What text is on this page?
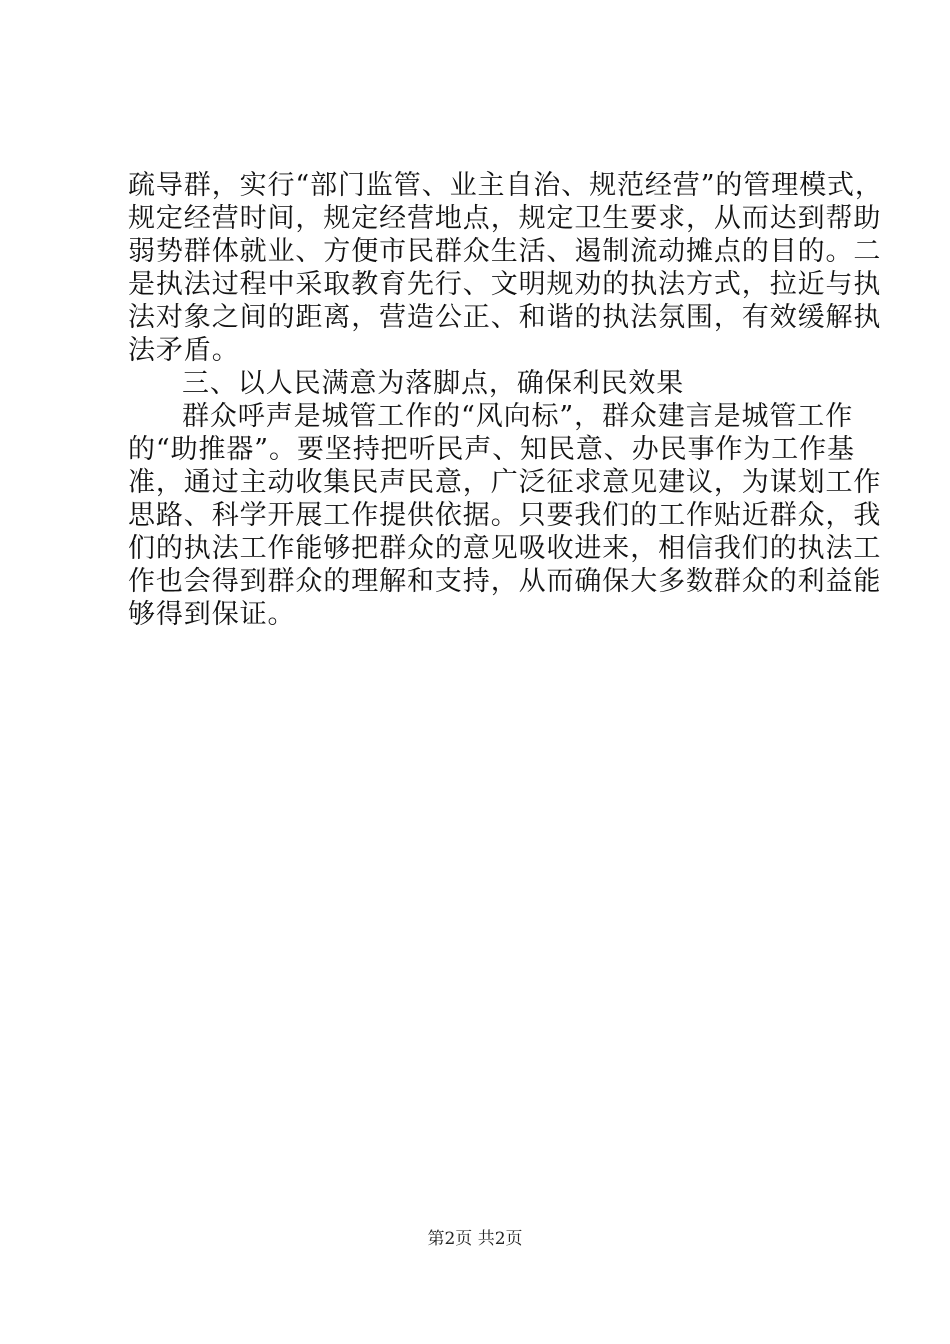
疏导群，实行“部门监管、业主自治、规范经营”的管理模式，
规定经营时间，规定经营地点，规定卫生要求，从而达到帮助
弱势群体就业、方便市民群众生活、遏制流动摊点的目的。二
是执法过程中采取教育先行、文明规劝的执法方式，拉近与执
法对象之间的距离，营造公正、和谐的执法氛围，有效缓解执
法矛盾。
三、以人民满意为落脚点，确保利民效果
群众呼声是城管工作的“风向标”，群众建言是城管工作
的“助推器”。要坚持把听民声、知民意、办民事作为工作基
准，通过主动收集民声民意，广泛征求意见建议，为谋划工作
思路、科学开展工作提供依据。只要我们的工作贴近群众，我
们的执法工作能够把群众的意见吸收进来，相信我们的执法工
作也会得到群众的理解和支持，从而确保大多数群众的利益能
够得到保证。
第2页 共2页
